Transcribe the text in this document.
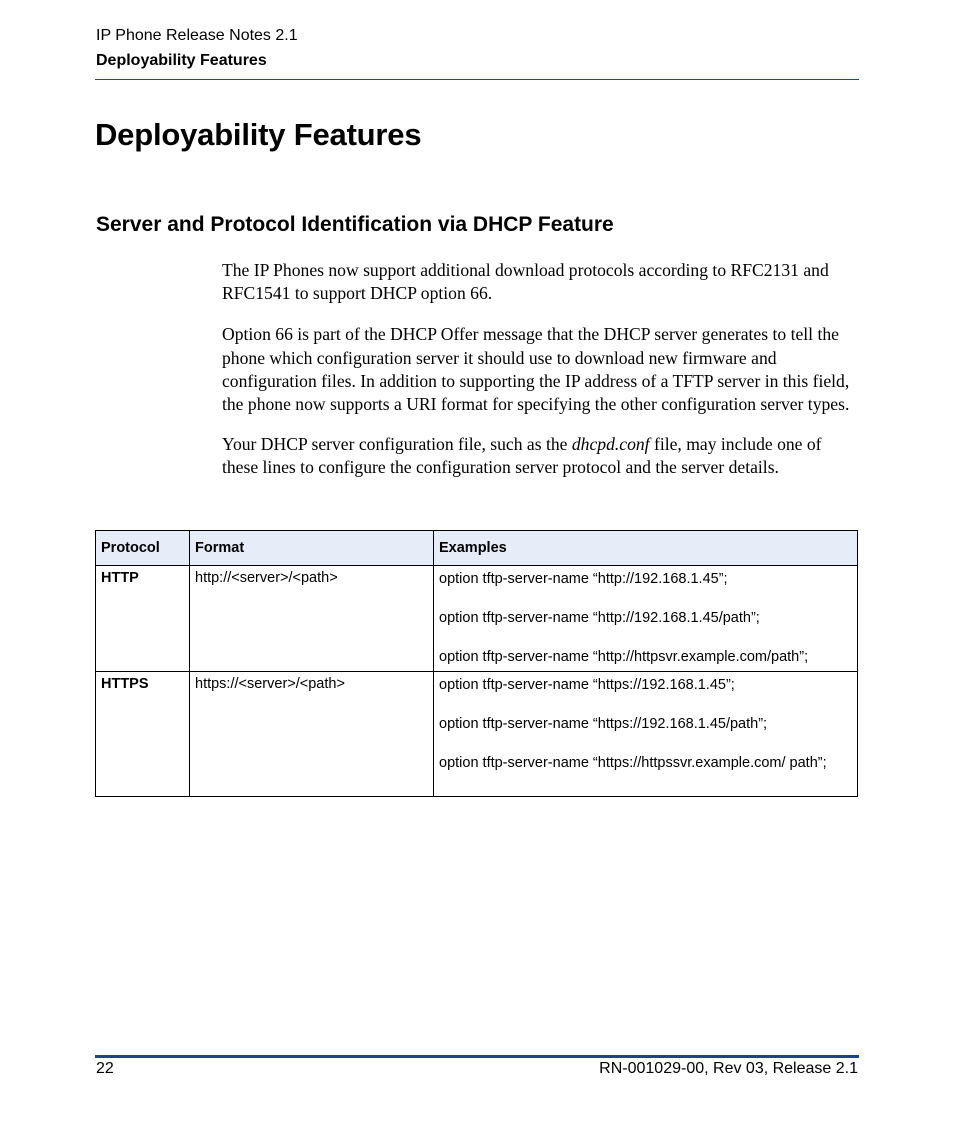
IP Phone Release Notes 2.1
Deployability Features
Deployability Features
Server and Protocol Identification via DHCP Feature

The IP Phones now support additional download protocols according to RFC2131 and RFC1541 to support DHCP option 66.

Option 66 is part of the DHCP Offer message that the DHCP server generates to tell the phone which configuration server it should use to download new firmware and configuration files. In addition to supporting the IP address of a TFTP server in this field, the phone now supports a URI format for specifying the other configuration server types.

Your DHCP server configuration file, such as the dhcpd.conf file, may include one of these lines to configure the configuration server protocol and the server details.

Protocol	Format	Examples
HTTP	http://<server>/<path>	option tftp-server-name “http://192.168.1.45”;

option tftp-server-name “http://192.168.1.45/path”;

option tftp-server-name “http://httpsvr.example.com/path”;

HTTPS	https://<server>/<path>	option tftp-server-name “https://192.168.1.45”;

option tftp-server-name “https://192.168.1.45/path”;

option tftp-server-name “https://httpssvr.example.com/ path”;

22	RN-001029-00, Rev 03, Release 2.1
